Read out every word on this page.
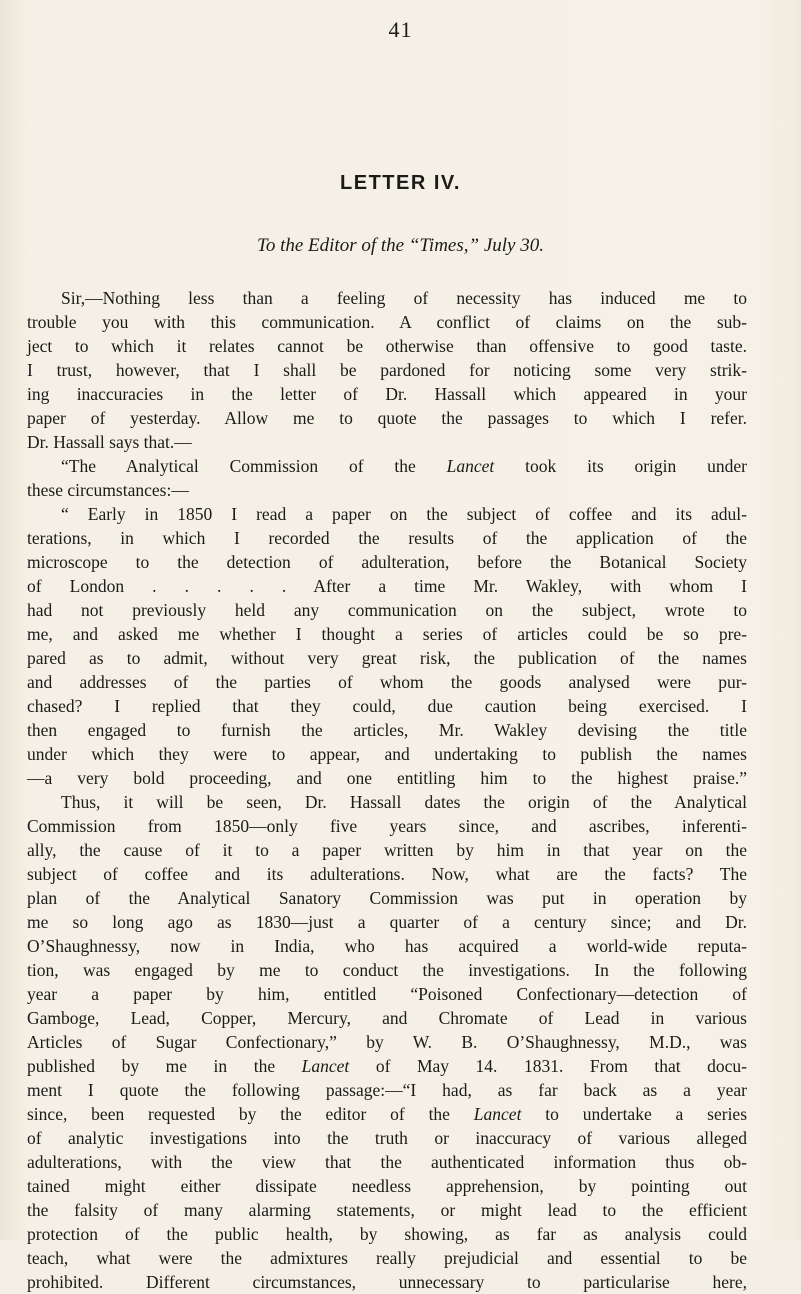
41
LETTER IV.
To the Editor of the “Times,” July 30.
Sir,—Nothing less than a feeling of necessity has induced me to
trouble you with this communication. A conflict of claims on the sub-
ject to which it relates cannot be otherwise than offensive to good taste.
I trust, however, that I shall be pardoned for noticing some very strik-
ing inaccuracies in the letter of Dr. Hassall which appeared in your
paper of yesterday. Allow me to quote the passages to which I refer.
Dr. Hassall says that.—
“The Analytical Commission of the Lancet took its origin under
these circumstances:—
“ Early in 1850 I read a paper on the subject of coffee and its adul-
terations, in which I recorded the results of the application of the
microscope to the detection of adulteration, before the Botanical Society
of London . . . . . After a time Mr. Wakley, with whom I
had not previously held any communication on the subject, wrote to
me, and asked me whether I thought a series of articles could be so pre-
pared as to admit, without very great risk, the publication of the names
and addresses of the parties of whom the goods analysed were pur-
chased? I replied that they could, due caution being exercised. I
then engaged to furnish the articles, Mr. Wakley devising the title
under which they were to appear, and undertaking to publish the names
—a very bold proceeding, and one entitling him to the highest praise.”
Thus, it will be seen, Dr. Hassall dates the origin of the Analytical
Commission from 1850—only five years since, and ascribes, inferenti-
ally, the cause of it to a paper written by him in that year on the
subject of coffee and its adulterations. Now, what are the facts? The
plan of the Analytical Sanatory Commission was put in operation by
me so long ago as 1830—just a quarter of a century since; and Dr.
O’Shaughnessy, now in India, who has acquired a world-wide reputa-
tion, was engaged by me to conduct the investigations. In the following
year a paper by him, entitled “Poisoned Confectionary—detection of
Gamboge, Lead, Copper, Mercury, and Chromate of Lead in various
Articles of Sugar Confectionary,” by W. B. O’Shaughnessy, M.D., was
published by me in the Lancet of May 14. 1831. From that docu-
ment I quote the following passage:—“I had, as far back as a year
since, been requested by the editor of the Lancet to undertake a series
of analytic investigations into the truth or inaccuracy of various alleged
adulterations, with the view that the authenticated information thus ob-
tained might either dissipate needless apprehension, by pointing out
the falsity of many alarming statements, or might lead to the efficient
protection of the public health, by showing, as far as analysis could
teach, what were the admixtures really prejudicial and essential to be
prohibited. Different circumstances, unnecessary to particularise here,
